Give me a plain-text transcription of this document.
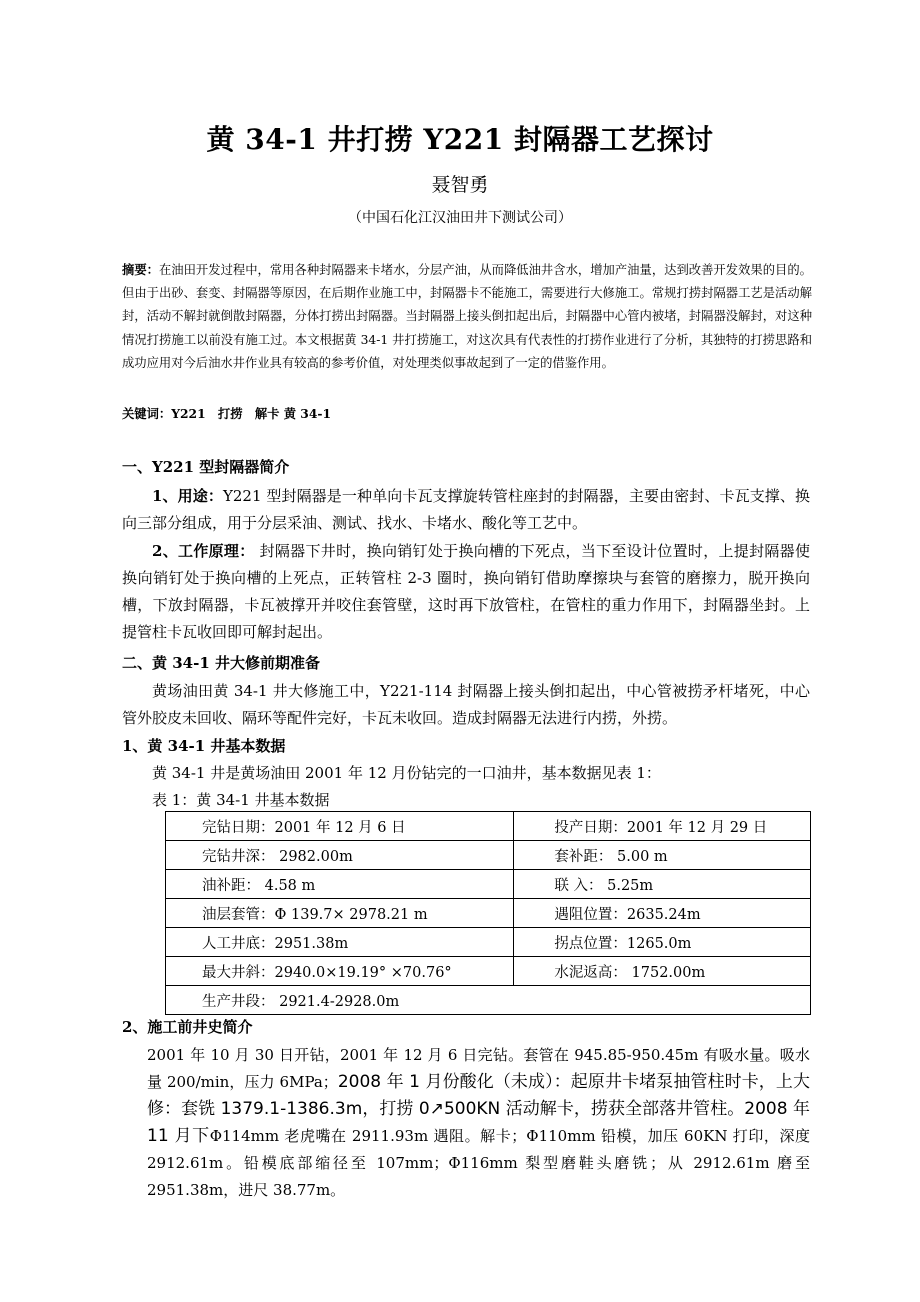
黄 34-1 井打捞 Y221 封隔器工艺探讨
聂智勇
（中国石化江汉油田井下测试公司）
摘要：在油田开发过程中，常用各种封隔器来卡堵水，分层产油，从而降低油井含水，增加产油量，达到改善开发效果的目的。但由于出砂、套变、封隔器等原因，在后期作业施工中，封隔器卡不能施工，需要进行大修施工。常规打捞封隔器工艺是活动解封，活动不解封就倒散封隔器，分体打捞出封隔器。当封隔器上接头倒扣起出后，封隔器中心管内被堵，封隔器没解封，对这种情况打捞施工以前没有施工过。本文根据黄 34-1 井打捞施工，对这次具有代表性的打捞作业进行了分析，其独特的打捞思路和成功应用对今后油水井作业具有较高的参考价值，对处理类似事故起到了一定的借鉴作用。
关键词：Y221　打捞　解卡 黄 34-1
一、Y221 型封隔器简介
1、用途：Y221 型封隔器是一种单向卡瓦支撑旋转管柱座封的封隔器，主要由密封、卡瓦支撑、换向三部分组成，用于分层采油、测试、找水、卡堵水、酸化等工艺中。
2、工作原理： 封隔器下井时，换向销钉处于换向槽的下死点，当下至设计位置时，上提封隔器使换向销钉处于换向槽的上死点，正转管柱 2-3 圈时，换向销钉借助摩擦块与套管的磨擦力，脱开换向槽，下放封隔器，卡瓦被撑开并咬住套管壁，这时再下放管柱，在管柱的重力作用下，封隔器坐封。上提管柱卡瓦收回即可解封起出。
二、黄 34-1 井大修前期准备
黄场油田黄 34-1 井大修施工中，Y221-114 封隔器上接头倒扣起出，中心管被捞矛杆堵死，中心管外胶皮未回收、隔环等配件完好，卡瓦未收回。造成封隔器无法进行内捞，外捞。
1、黄 34-1 井基本数据
黄 34-1 井是黄场油田 2001 年 12 月份钻完的一口油井，基本数据见表 1：
表 1：黄 34-1 井基本数据
完钻日期：2001 年 12 月 6 日	投产日期：2001 年 12 月 29 日
完钻井深： 2982.00m	套补距： 5.00 m
油补距： 4.58 m	联 入： 5.25m
油层套管：Φ 139.7× 2978.21 m	遇阻位置：2635.24m
人工井底：2951.38m	拐点位置：1265.0m
最大井斜：2940.0×19.19° ×70.76°	水泥返高： 1752.00m
生产井段： 2921.4-2928.0m	
2、施工前井史简介
2001 年 10 月 30 日开钻，2001 年 12 月 6 日完钻。套管在 945.85-950.45m 有吸水量。吸水量 200/min，压力 6MPa；2008 年 1 月份酸化（未成）：起原井卡堵泵抽管柱时卡，上大修：套铣 1379.1-1386.3m，打捞 0↗500KN 活动解卡，捞获全部落井管柱。2008 年 11 月下Φ114mm 老虎嘴在 2911.93m 遇阻。解卡；Φ110mm 铅模，加压 60KN 打印，深度 2912.61m。铅模底部缩径至 107mm；Φ116mm 梨型磨鞋头磨铣；从 2912.61m 磨至 2951.38m，进尺 38.77m。
